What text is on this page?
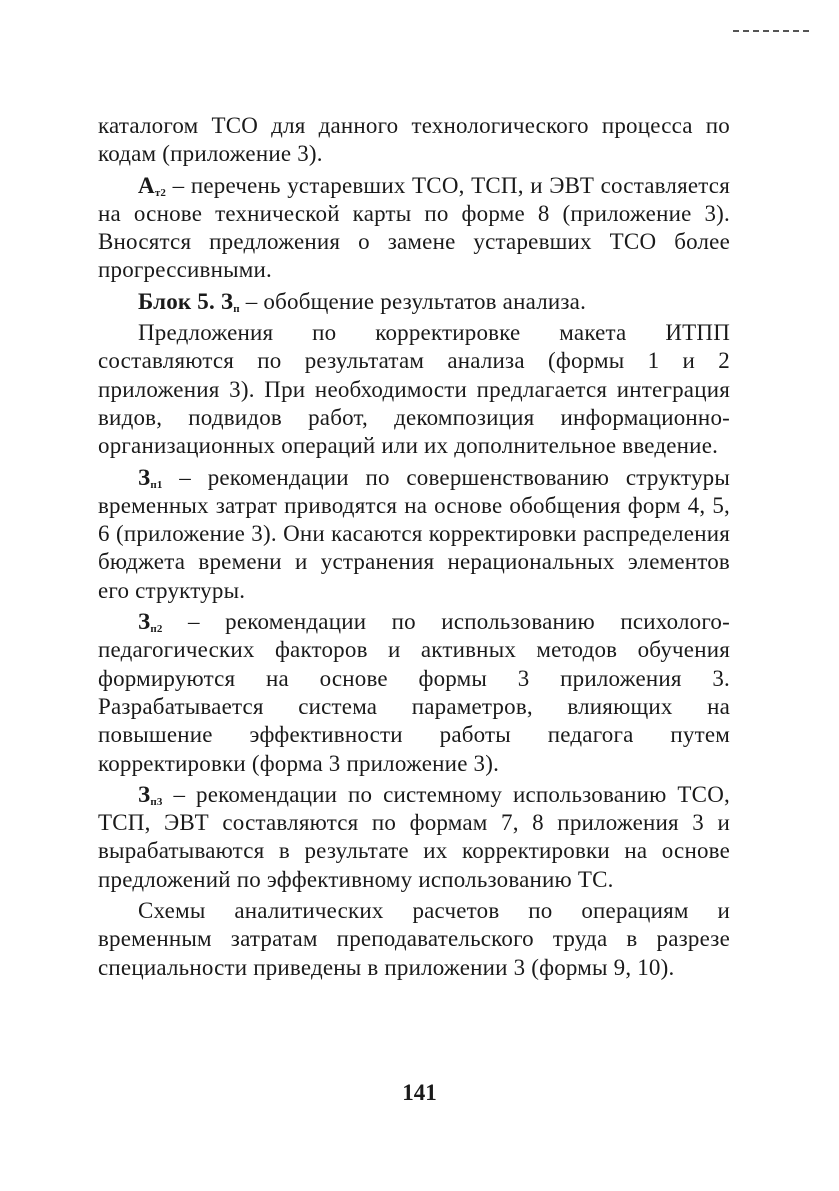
каталогом ТСО для данного технологического процесса по кодам (приложение 3).

$А_{т2}$ – перечень устаревших ТСО, ТСП, и ЭВТ составляется на основе технической карты по форме 8 (приложение 3). Вносятся предложения о замене устаревших ТСО более прогрессивными.

Блок 5. $З_п$ – обобщение результатов анализа.

Предложения по корректировке макета ИТПП составляются по результатам анализа (формы 1 и 2 приложения 3). При необходимости предлагается интеграция видов, подвидов работ, декомпозиция информационно-организационных операций или их дополнительное введение.

$З_{п1}$ – рекомендации по совершенствованию структуры временных затрат приводятся на основе обобщения форм 4, 5, 6 (приложение 3). Они касаются корректировки распределения бюджета времени и устранения нерациональных элементов его структуры.

$З_{п2}$ – рекомендации по использованию психолого-педагогических факторов и активных методов обучения формируются на основе формы 3 приложения 3. Разрабатывается система параметров, влияющих на повышение эффективности работы педагога путем корректировки (форма 3 приложение 3).

$З_{п3}$ – рекомендации по системному использованию ТСО, ТСП, ЭВТ составляются по формам 7, 8 приложения 3 и вырабатываются в результате их корректировки на основе предложений по эффективному использованию ТС.

Схемы аналитических расчетов по операциям и временным затратам преподавательского труда в разрезе специальности приведены в приложении 3 (формы 9, 10).

141
